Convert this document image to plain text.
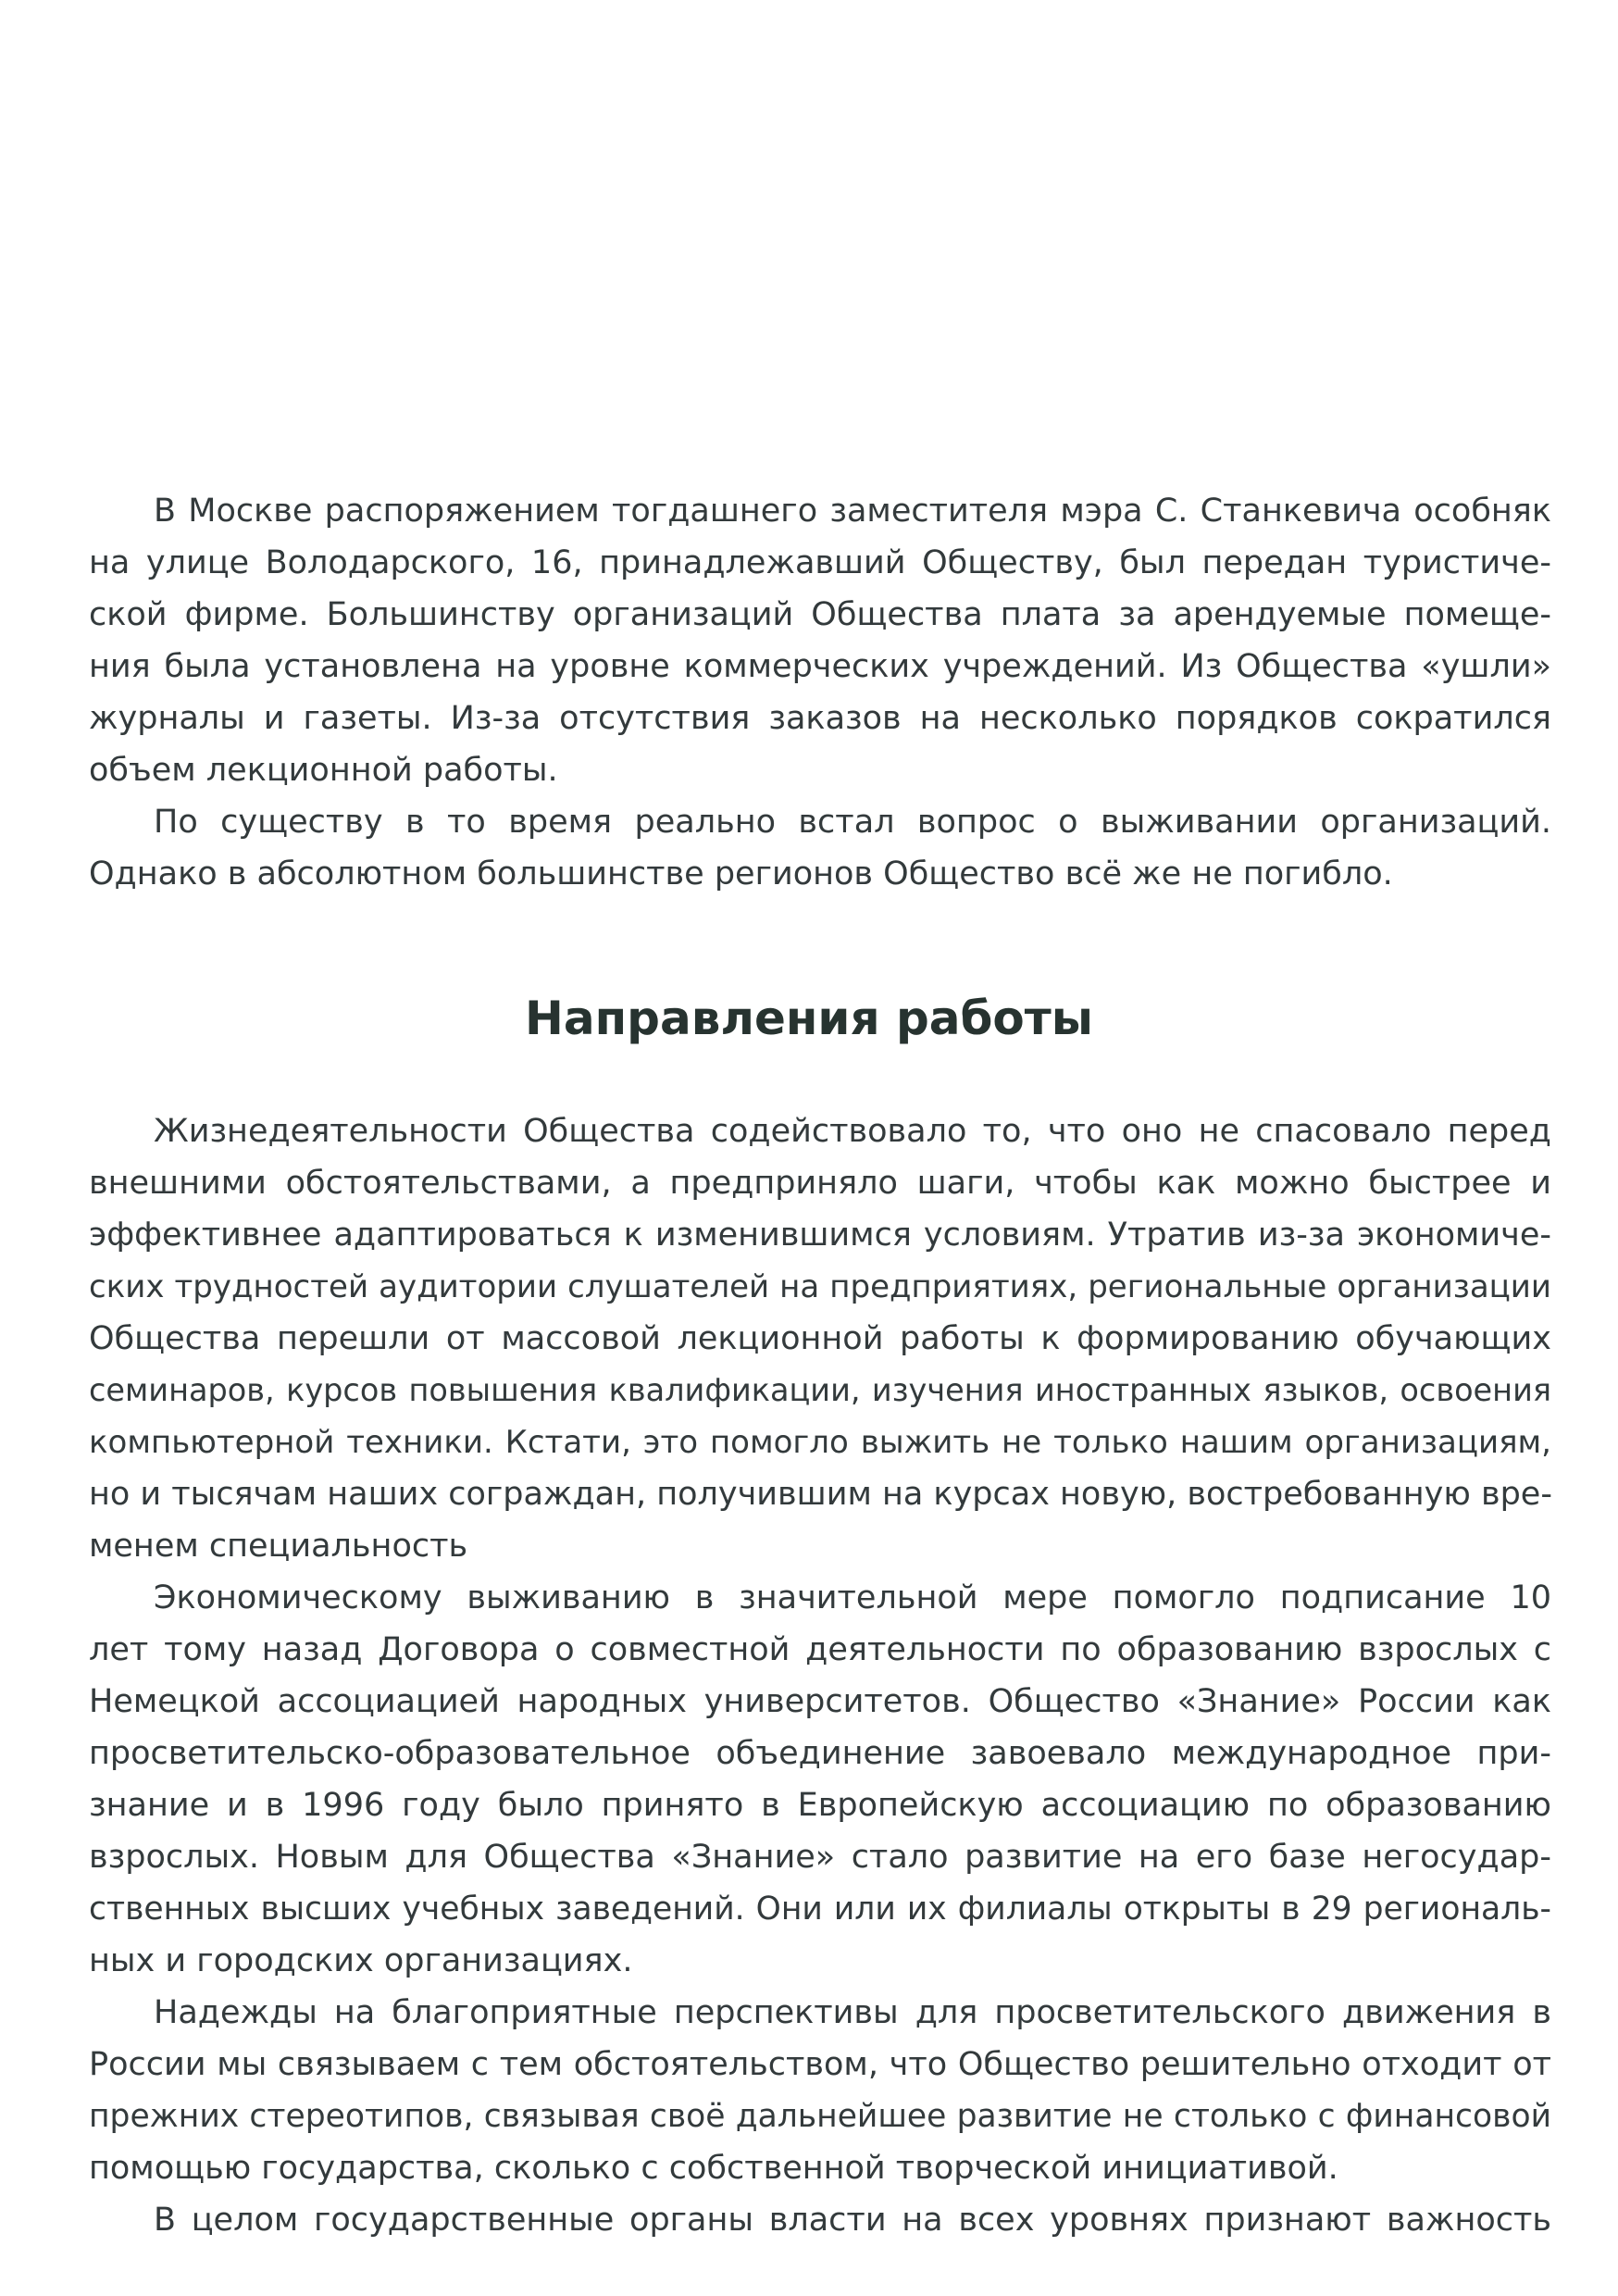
В Москве распоряжением тогдашнего заместителя мэра С. Станкевича особняк
на улице Володарского, 16, принадлежавший Обществу, был передан туристиче-
ской фирме. Большинству организаций Общества плата за арендуемые помеще-
ния была установлена на уровне коммерческих учреждений. Из Общества «ушли»
журналы и газеты. Из-за отсутствия заказов на несколько порядков сократился
объем лекционной работы.
По существу в то время реально встал вопрос о выживании организаций.
Однако в абсолютном большинстве регионов Общество всё же не погибло.
Направления работы
Жизнедеятельности Общества содействовало то, что оно не спасовало перед
внешними обстоятельствами, а предприняло шаги, чтобы как можно быстрее и
эффективнее адаптироваться к изменившимся условиям. Утратив из-за экономиче-
ских трудностей аудитории слушателей на предприятиях, региональные организации
Общества перешли от массовой лекционной работы к формированию обучающих
семинаров, курсов повышения квалификации, изучения иностранных языков, освоения
компьютерной техники. Кстати, это помогло выжить не только нашим организациям,
но и тысячам наших сограждан, получившим на курсах новую, востребованную вре-
менем специальность
Экономическому выживанию в значительной мере помогло подписание 10
лет тому назад Договора о совместной деятельности по образованию взрослых с
Немецкой ассоциацией народных университетов. Общество «Знание» России как
просветительско-образовательное объединение завоевало международное при-
знание и в 1996 году было принято в Европейскую ассоциацию по образованию
взрослых. Новым для Общества «Знание» стало развитие на его базе негосудар-
ственных высших учебных заведений. Они или их филиалы открыты в 29 региональ-
ных и городских организациях.
Надежды на благоприятные перспективы для просветительского движения в
России мы связываем с тем обстоятельством, что Общество решительно отходит от
прежних стереотипов, связывая своё дальнейшее развитие не столько с финансовой
помощью государства, сколько с собственной творческой инициативой.
В целом государственные органы власти на всех уровнях признают важность
